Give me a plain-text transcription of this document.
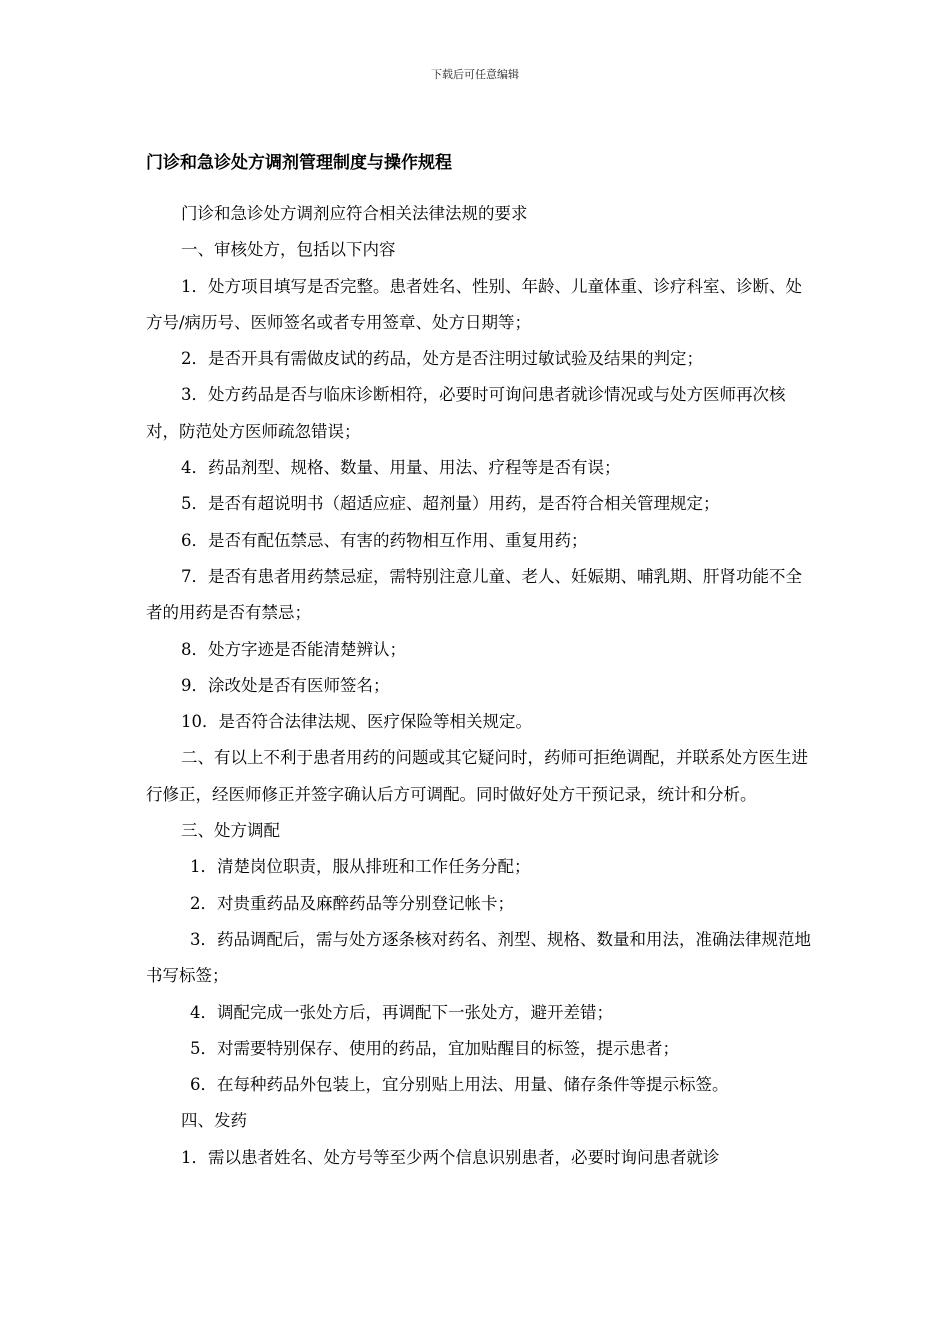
下载后可任意编辑
门诊和急诊处方调剂管理制度与操作规程

门诊和急诊处方调剂应符合相关法律法规的要求

一、审核处方，包括以下内容

1．处方项目填写是否完整。患者姓名、性别、年龄、儿童体重、诊疗科室、诊断、处方号/病历号、医师签名或者专用签章、处方日期等；

2．是否开具有需做皮试的药品，处方是否注明过敏试验及结果的判定；

3．处方药品是否与临床诊断相符，必要时可询问患者就诊情况或与处方医师再次核对，防范处方医师疏忽错误；

4．药品剂型、规格、数量、用量、用法、疗程等是否有误；

5．是否有超说明书（超适应症、超剂量）用药，是否符合相关管理规定；

6．是否有配伍禁忌、有害的药物相互作用、重复用药；

7．是否有患者用药禁忌症，需特别注意儿童、老人、妊娠期、哺乳期、肝肾功能不全者的用药是否有禁忌；

8．处方字迹是否能清楚辨认；

9．涂改处是否有医师签名；

10．是否符合法律法规、医疗保险等相关规定。

二、有以上不利于患者用药的问题或其它疑问时，药师可拒绝调配，并联系处方医生进行修正，经医师修正并签字确认后方可调配。同时做好处方干预记录，统计和分析。

三、处方调配

1．清楚岗位职责，服从排班和工作任务分配；

2．对贵重药品及麻醉药品等分别登记帐卡；

3．药品调配后，需与处方逐条核对药名、剂型、规格、数量和用法，准确法律规范地书写标签；

4．调配完成一张处方后，再调配下一张处方，避开差错；

5．对需要特别保存、使用的药品，宜加贴醒目的标签，提示患者；

6．在每种药品外包装上，宜分别贴上用法、用量、储存条件等提示标签。

四、发药

1．需以患者姓名、处方号等至少两个信息识别患者，必要时询问患者就诊
